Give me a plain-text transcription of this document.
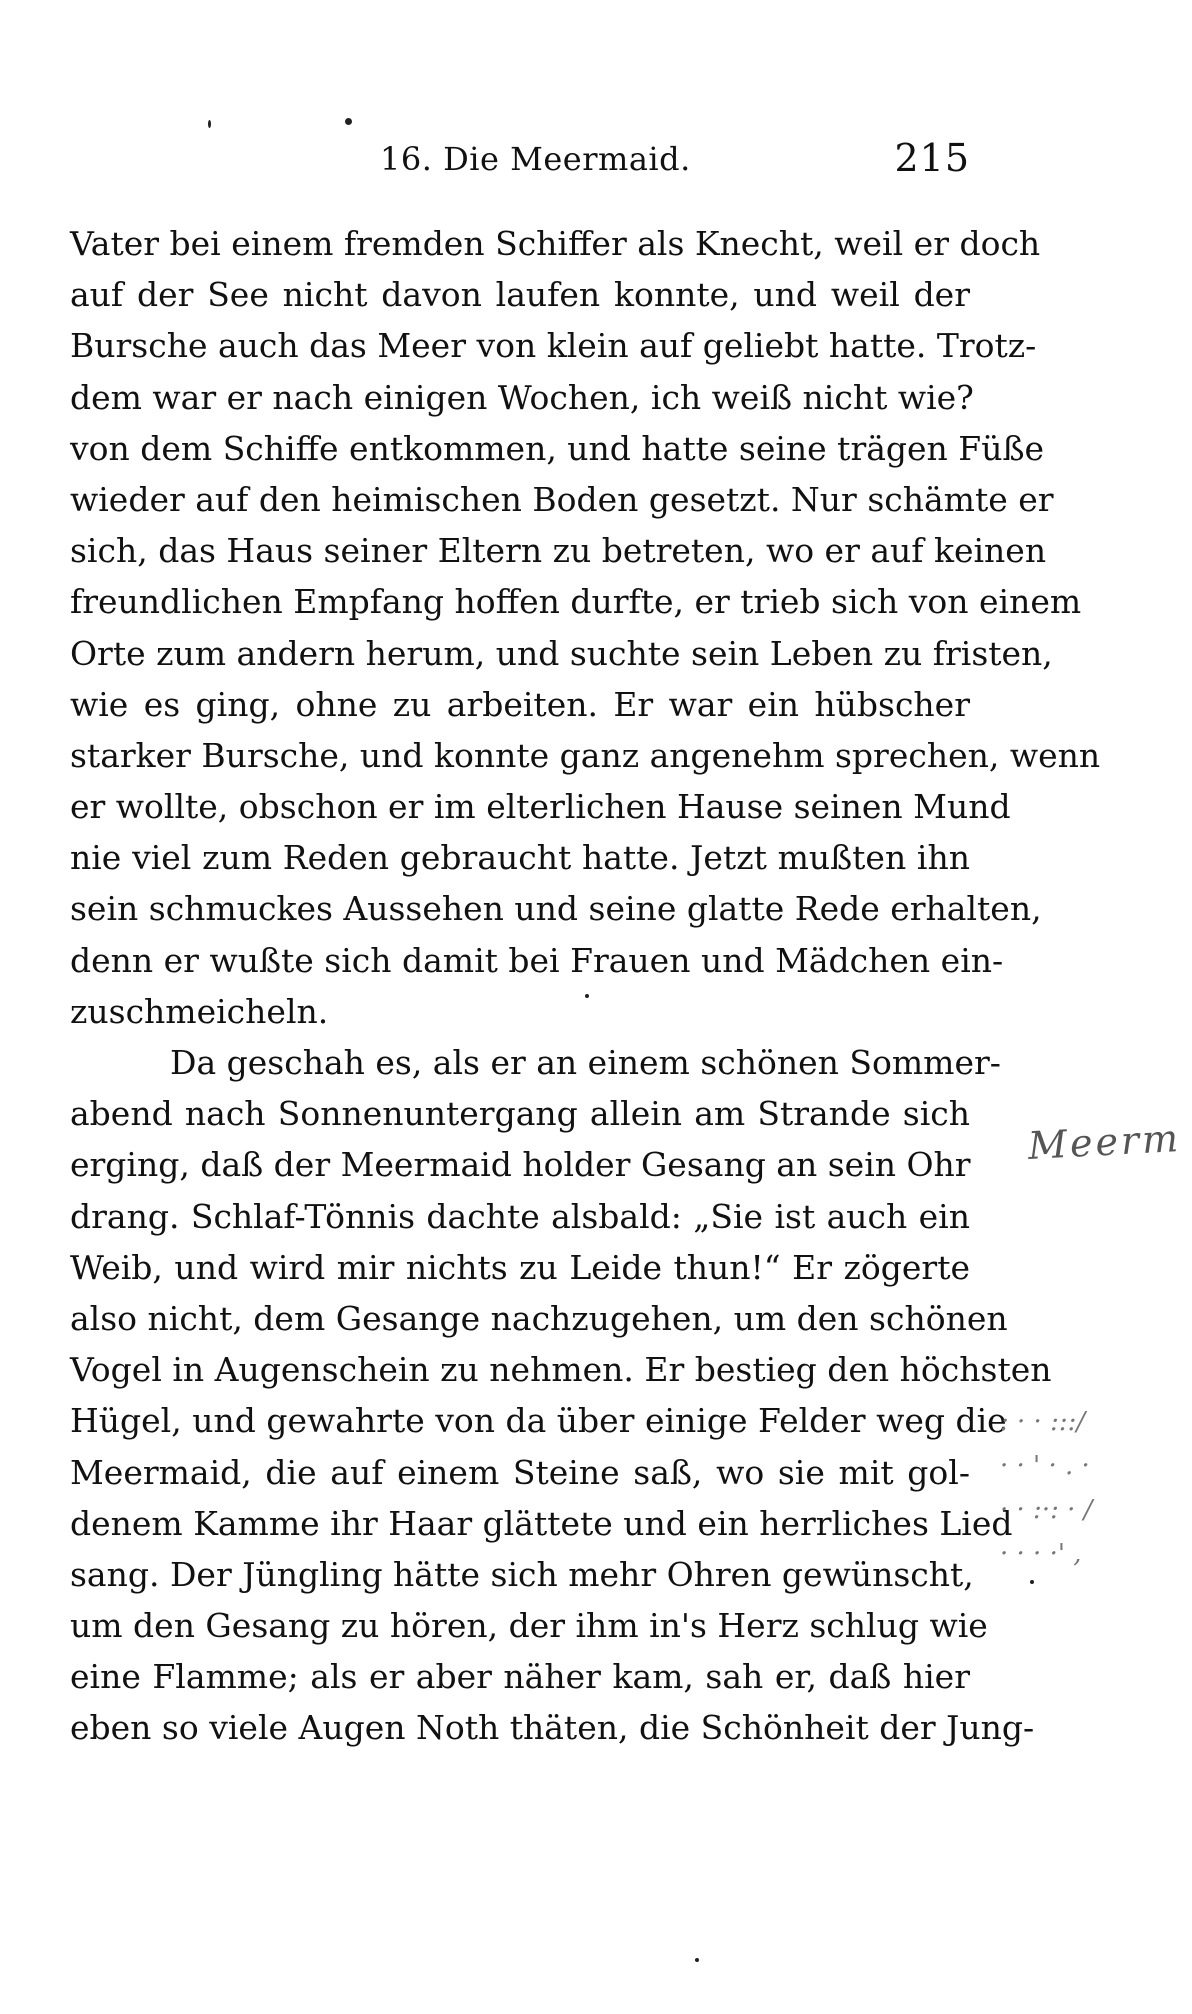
16. Die Meermaid.	215
Vater bei einem fremden Schiffer als Knecht, weil er doch
auf der See nicht davon laufen konnte, und weil der
Bursche auch das Meer von klein auf geliebt hatte. Trotz-
dem war er nach einigen Wochen, ich weiß nicht wie?
von dem Schiffe entkommen, und hatte seine trägen Füße
wieder auf den heimischen Boden gesetzt. Nur schämte er
sich, das Haus seiner Eltern zu betreten, wo er auf keinen
freundlichen Empfang hoffen durfte, er trieb sich von einem
Orte zum andern herum, und suchte sein Leben zu fristen,
wie es ging, ohne zu arbeiten. Er war ein hübscher
starker Bursche, und konnte ganz angenehm sprechen, wenn
er wollte, obschon er im elterlichen Hause seinen Mund
nie viel zum Reden gebraucht hatte. Jetzt mußten ihn
sein schmuckes Aussehen und seine glatte Rede erhalten,
denn er wußte sich damit bei Frauen und Mädchen ein-
zuschmeicheln.
Da geschah es, als er an einem schönen Sommer-
abend nach Sonnenuntergang allein am Strande sich
erging, daß der Meermaid holder Gesang an sein Ohr
drang. Schlaf-Tönnis dachte alsbald: „Sie ist auch ein
Weib, und wird mir nichts zu Leide thun!“ Er zögerte
also nicht, dem Gesange nachzugehen, um den schönen
Vogel in Augenschein zu nehmen. Er bestieg den höchsten
Hügel, und gewahrte von da über einige Felder weg die
Meermaid, die auf einem Steine saß, wo sie mit gol-
denem Kamme ihr Haar glättete und ein herrliches Lied
sang. Der Jüngling hätte sich mehr Ohren gewünscht,
um den Gesang zu hören, der ihm in's Herz schlug wie
eine Flamme; als er aber näher kam, sah er, daß hier
eben so viele Augen Noth thäten, die Schönheit der Jung-
Meerm
: · · :::/
· · ' · . ·
· · :·: · /
· · · ·' ,
